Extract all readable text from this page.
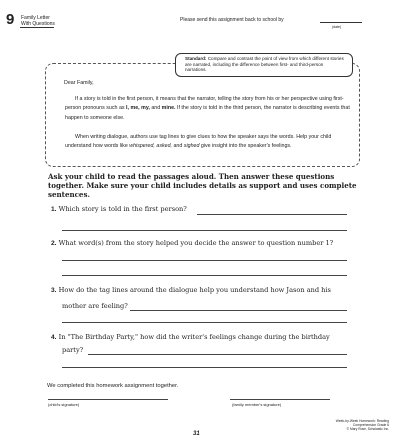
9 Family Letter
With Questions
Please send this assignment back to school by
(date)
Standard: Compare and contrast the point of view from which different stories are narrated, including the difference between first- and third-person narrations.
Dear Family,
If a story is told in the first person, it means that the narrator, telling the story from his or her perspective using first-person pronouns such as I, me, my, and mine. If the story is told in the third person, the narrator is describing events that happen to someone else.
When writing dialogue, authors use tag lines to give clues to how the speaker says the words. Help your child understand how words like whispered, asked, and sighed give insight into the speaker's feelings.
Ask your child to read the passages aloud. Then answer these questions together. Make sure your child includes details as support and uses complete sentences.
1. Which story is told in the first person?
2. What word(s) from the story helped you decide the answer to question number 1?
3. How do the tag lines around the dialogue help you understand how Jason and his
mother are feeling?
4. In "The Birthday Party," how did the writer's feelings change during the birthday
party?
We completed this homework assignment together.
(child's signature)	(family member's signature)
Week-by-Week Homework: Reading Comprehension Grade 6
© Mary Rose, Scholastic Inc.
31
